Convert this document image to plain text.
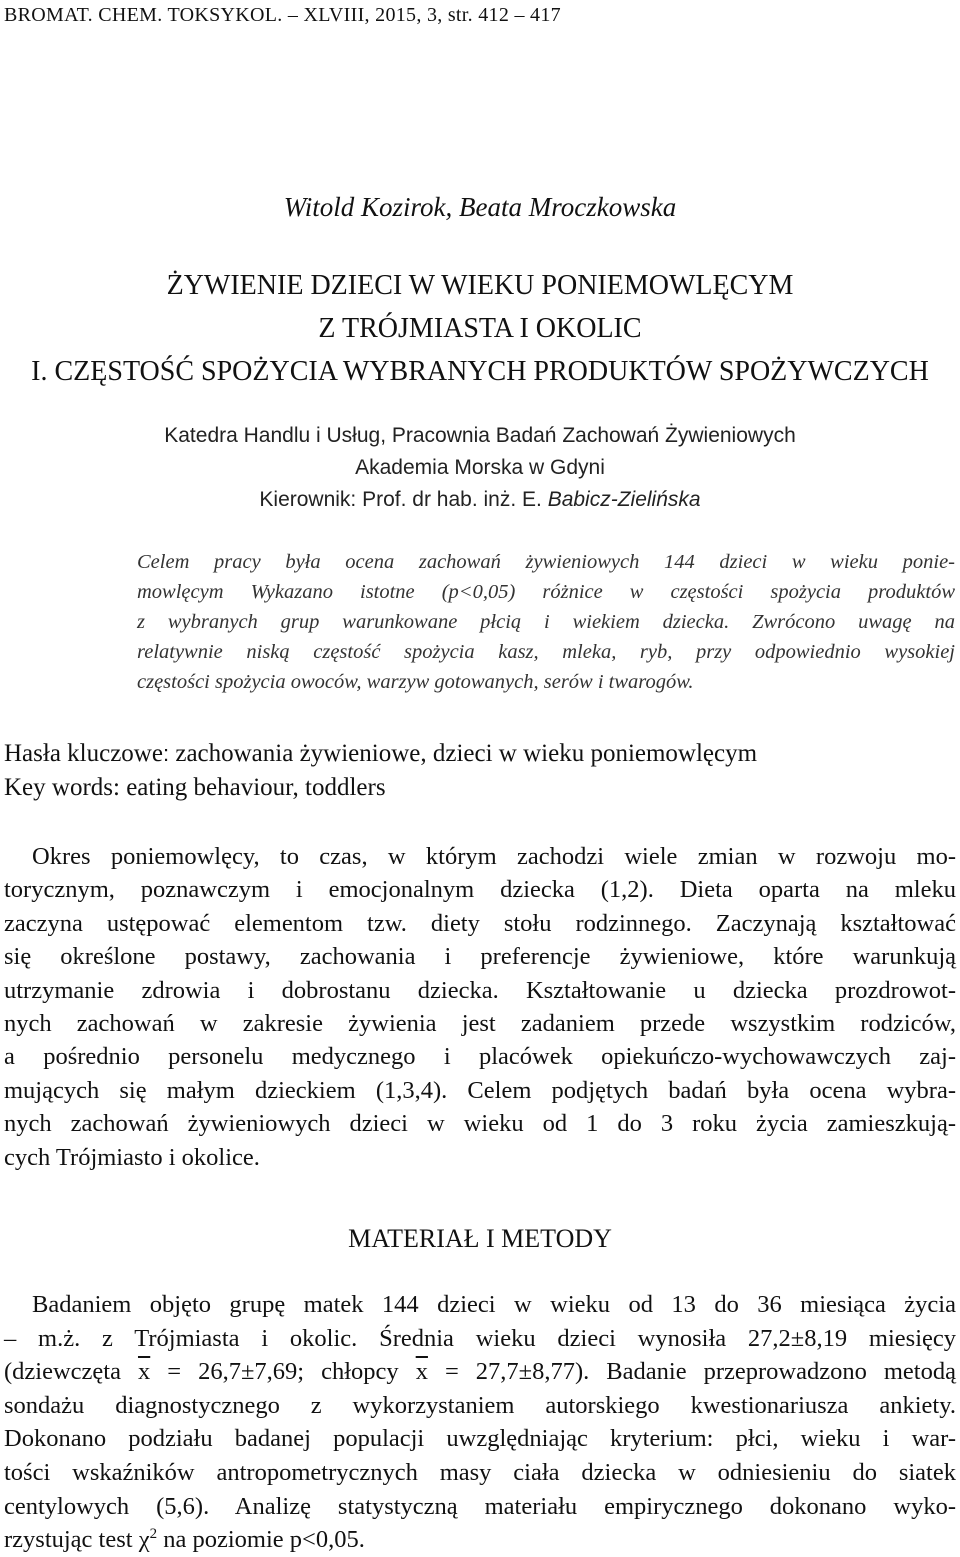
BROMAT. CHEM. TOKSYKOL. – XLVIII, 2015, 3, str. 412 – 417
Witold Kozirok, Beata Mroczkowska
ŻYWIENIE DZIECI W WIEKU PONIEMOWLĘCYM
Z TRÓJMIASTA I OKOLIC
I. CZĘSTOŚĆ SPOŻYCIA WYBRANYCH PRODUKTÓW SPOŻYWCZYCH
Katedra Handlu i Usług, Pracownia Badań Zachowań Żywieniowych
Akademia Morska w Gdyni
Kierownik: Prof. dr hab. inż. E. Babicz-Zielińska
Celem pracy była ocena zachowań żywieniowych 144 dzieci w wieku ponie-
mowlęcym Wykazano istotne (p<0,05) różnice w częstości spożycia produktów
z wybranych grup warunkowane płcią i wiekiem dziecka. Zwrócono uwagę na
relatywnie niską częstość spożycia kasz, mleka, ryb, przy odpowiednio wysokiej
częstości spożycia owoców, warzyw gotowanych, serów i twarogów.
Hasła kluczowe: zachowania żywieniowe, dzieci w wieku poniemowlęcym
Key words: eating behaviour, toddlers
Okres poniemowlęcy, to czas, w którym zachodzi wiele zmian w rozwoju mo-
torycznym, poznawczym i emocjonalnym dziecka (1,2). Dieta oparta na mleku
zaczyna ustępować elementom tzw. diety stołu rodzinnego. Zaczynają kształtować
się określone postawy, zachowania i preferencje żywieniowe, które warunkują
utrzymanie zdrowia i dobrostanu dziecka. Kształtowanie u dziecka prozdrowot-
nych zachowań w zakresie żywienia jest zadaniem przede wszystkim rodziców,
a pośrednio personelu medycznego i placówek opiekuńczo-wychowawczych zaj-
mujących się małym dzieckiem (1,3,4). Celem podjętych badań była ocena wybra-
nych zachowań żywieniowych dzieci w wieku od 1 do 3 roku życia zamieszkują-
cych Trójmiasto i okolice.
MATERIAŁ I METODY
Badaniem objęto grupę matek 144 dzieci w wieku od 13 do 36 miesiąca życia
– m.ż. z Trójmiasta i okolic. Średnia wieku dzieci wynosiła 27,2±8,19 miesięcy
(dziewczęta $\overline{x} = 26,7\pm 7,69$; chłopcy $\overline{x} = 27,7\pm 8,77$). Badanie przeprowadzono metodą
sondażu diagnostycznego z wykorzystaniem autorskiego kwestionariusza ankiety.
Dokonano podziału badanej populacji uwzględniając kryterium: płci, wieku i war-
tości wskaźników antropometrycznych masy ciała dziecka w odniesieniu do siatek
centylowych (5,6). Analizę statystyczną materiału empirycznego dokonano wyko-
rzystując test $\chi^2$ na poziomie p<0,05.
